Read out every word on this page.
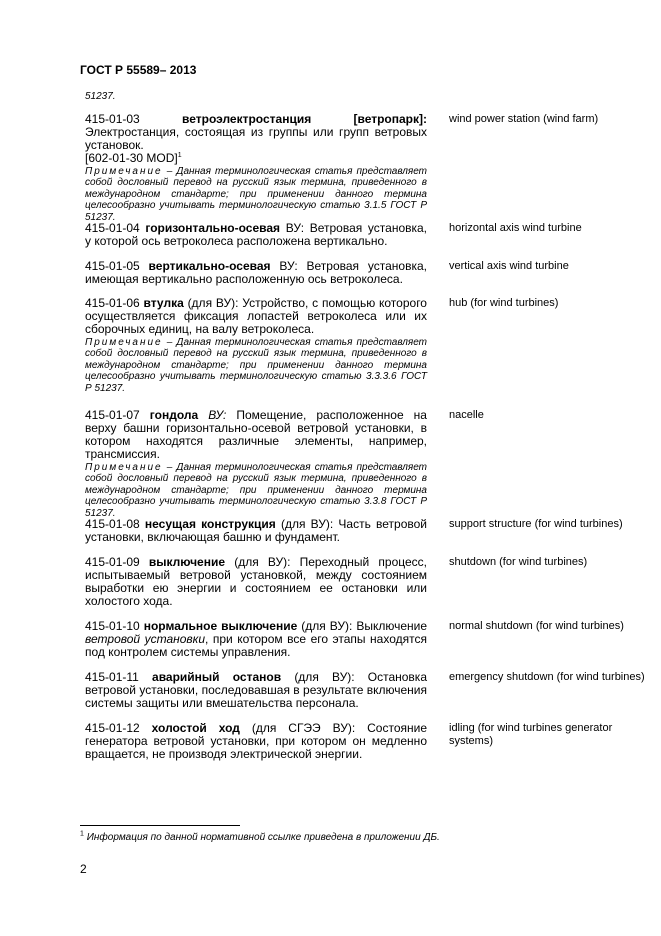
ГОСТ Р 55589– 2013
51237.
415-01-03	ветроэлектростанция [ветропарк]: Электростанция, состоящая из группы или групп ветровых установок.
[602-01-30 MOD]$^1$
Примечание – Данная терминологическая статья представляет собой дословный перевод на русский язык термина, приведенного в международном стандарте; при применении данного термина целесообразно учитывать терминологическую статью 3.1.5 ГОСТ Р 51237.
wind power station (wind farm)
415-01-04 горизонтально-осевая ВУ: Ветровая установка, у которой ось ветроколеса расположена вертикально.
horizontal axis wind turbine
415-01-05 вертикально-осевая ВУ: Ветровая установка, имеющая вертикально расположенную ось ветроколеса.
vertical axis wind turbine
415-01-06 втулка (для ВУ): Устройство, с помощью которого осуществляется фиксация лопастей ветроколеса или их сборочных единиц, на валу ветроколеса.
Примечание – Данная терминологическая статья представляет собой дословный перевод на русский язык термина, приведенного в международном стандарте; при применении данного термина целесообразно учитывать терминологическую статью 3.3.3.6 ГОСТ Р 51237.
hub (for wind turbines)
415-01-07 гондола ВУ: Помещение, расположенное на верху башни горизонтально-осевой ветровой установки, в котором находятся различные элементы, например, трансмиссия.
Примечание – Данная терминологическая статья представляет собой дословный перевод на русский язык термина, приведенного в международном стандарте; при применении данного термина целесообразно учитывать терминологическую статью 3.3.8 ГОСТ Р 51237.
nacelle
415-01-08 несущая конструкция (для ВУ): Часть ветровой установки, включающая башню и фундамент.
support structure (for wind turbines)
415-01-09 выключение (для ВУ): Переходный процесс, испытываемый ветровой установкой, между состоянием выработки ею энергии и состоянием ее остановки или холостого хода.
shutdown (for wind turbines)
415-01-10 нормальное выключение (для ВУ): Выключение ветровой установки, при котором все его этапы находятся под контролем системы управления.
normal shutdown (for wind turbines)
415-01-11 аварийный останов (для ВУ): Остановка ветровой установки, последовавшая в результате включения системы защиты или вмешательства персонала.
emergency shutdown (for wind turbines)
415-01-12 холостой ход (для СГЭЭ ВУ): Состояние генератора ветровой установки, при котором он медленно вращается, не производя электрической энергии.
idling (for wind turbines generator systems)
$^1$ Информация по данной нормативной ссылке приведена в приложении ДБ.
2
